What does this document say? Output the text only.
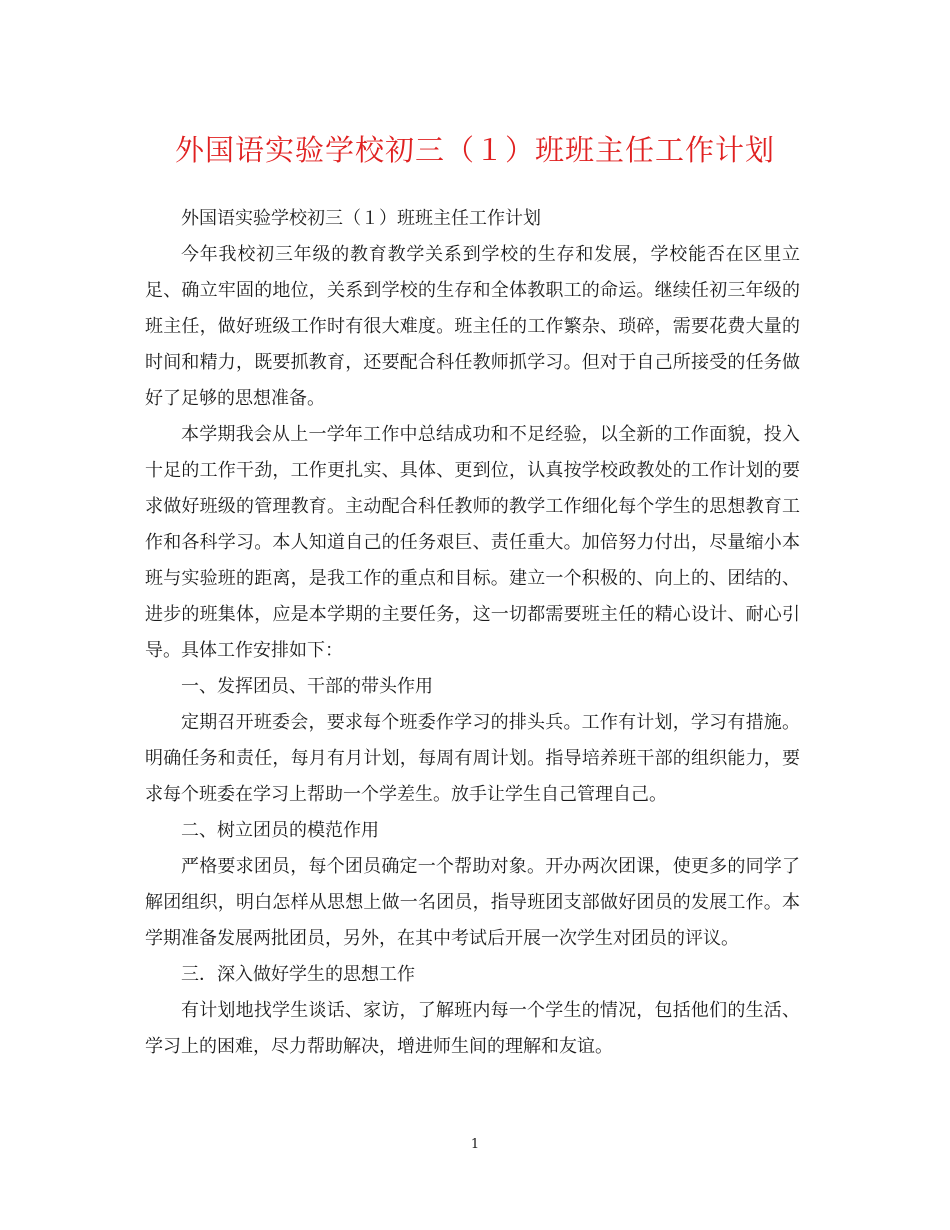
外国语实验学校初三（１）班班主任工作计划

外国语实验学校初三（１）班班主任工作计划

今年我校初三年级的教育教学关系到学校的生存和发展，学校能否在区里立足、确立牢固的地位，关系到学校的生存和全体教职工的命运。继续任初三年级的班主任，做好班级工作时有很大难度。班主任的工作繁杂、琐碎，需要花费大量的时间和精力，既要抓教育，还要配合科任教师抓学习。但对于自己所接受的任务做好了足够的思想准备。

本学期我会从上一学年工作中总结成功和不足经验，以全新的工作面貌，投入十足的工作干劲，工作更扎实、具体、更到位，认真按学校政教处的工作计划的要求做好班级的管理教育。主动配合科任教师的教学工作细化每个学生的思想教育工作和各科学习。本人知道自己的任务艰巨、责任重大。加倍努力付出，尽量缩小本班与实验班的距离，是我工作的重点和目标。建立一个积极的、向上的、团结的、进步的班集体，应是本学期的主要任务，这一切都需要班主任的精心设计、耐心引导。具体工作安排如下：

一、发挥团员、干部的带头作用

定期召开班委会，要求每个班委作学习的排头兵。工作有计划，学习有措施。明确任务和责任，每月有月计划，每周有周计划。指导培养班干部的组织能力，要求每个班委在学习上帮助一个学差生。放手让学生自己管理自己。

二、树立团员的模范作用

严格要求团员，每个团员确定一个帮助对象。开办两次团课，使更多的同学了解团组织，明白怎样从思想上做一名团员，指导班团支部做好团员的发展工作。本学期准备发展两批团员，另外，在其中考试后开展一次学生对团员的评议。

三．深入做好学生的思想工作

有计划地找学生谈话、家访，了解班内每一个学生的情况，包括他们的生活、学习上的困难，尽力帮助解决，增进师生间的理解和友谊。

1
